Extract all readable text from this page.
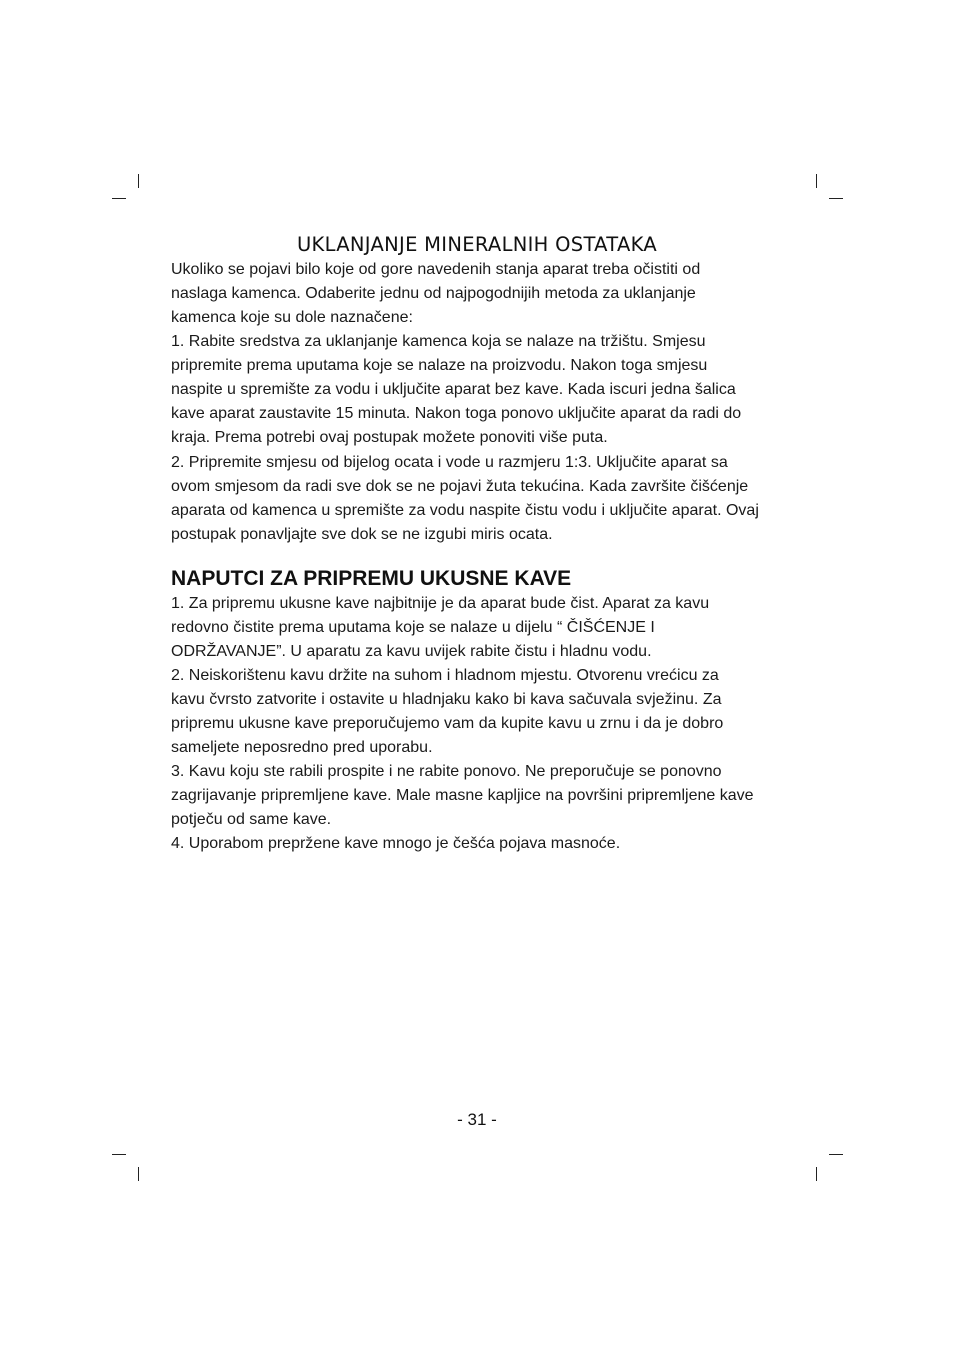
UKLANJANJE MINERALNIH OSTATAKA

Ukoliko se pojavi bilo koje od gore navedenih stanja aparat treba očistiti od
naslaga kamenca. Odaberite jednu od najpogodnijih metoda za uklanjanje
kamenca koje su dole naznačene:

1. Rabite sredstva za uklanjanje kamenca koja se nalaze na tržištu. Smjesu
pripremite prema uputama koje se nalaze na proizvodu. Nakon toga smjesu
naspite u spremište za vodu i uključite aparat bez kave. Kada iscuri jedna šalica
kave aparat zaustavite 15 minuta. Nakon toga ponovo uključite aparat da radi do
kraja. Prema potrebi ovaj postupak možete ponoviti više puta.

2. Pripremite smjesu od bijelog ocata i vode u razmjeru 1:3. Uključite aparat sa
ovom smjesom da radi sve dok se ne pojavi žuta tekućina. Kada završite čišćenje
aparata od kamenca u spremište za vodu naspite čistu vodu i uključite aparat. Ovaj
postupak ponavljajte sve dok se ne izgubi miris ocata.

NAPUTCI ZA PRIPREMU UKUSNE KAVE

1. Za pripremu ukusne kave najbitnije je da aparat bude čist. Aparat za kavu
redovno čistite prema uputama koje se nalaze u dijelu “ ČIŠĆENJE I
ODRŽAVANJE”. U aparatu za kavu uvijek rabite čistu i hladnu vodu.

2. Neiskorištenu kavu držite na suhom i hladnom mjestu. Otvorenu vrećicu za
kavu čvrsto zatvorite i ostavite u hladnjaku kako bi kava sačuvala svježinu. Za
pripremu ukusne kave preporučujemo vam da kupite kavu u zrnu i da je dobro
sameljete neposredno pred uporabu.

3. Kavu koju ste rabili prospite i ne rabite ponovo. Ne preporučuje se ponovno
zagrijavanje pripremljene kave. Male masne kapljice na površini pripremljene kave
potječu od same kave.

4. Uporabom prepržene kave mnogo je češća pojava masnoće.

- 31 -
